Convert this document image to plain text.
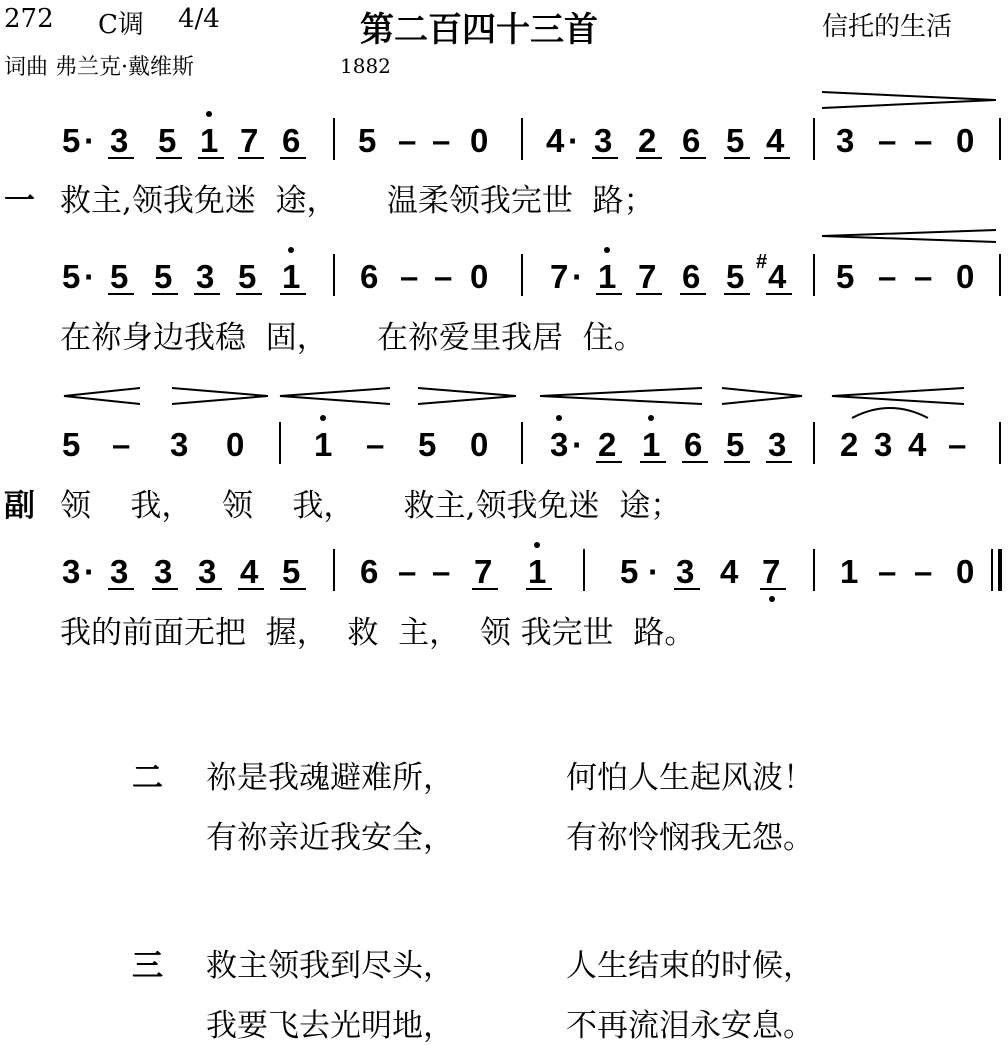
272 C调 4/4	第二百四十三首	信托的生活
词曲 弗兰克·戴维斯	1882
5 · 3 5 1 7 6 5 – – 0 4 · 3 2 6 5 4 3 – – 0
5 · 5 5 3 5 1 6 – – 0 7 · 1 7 6 5 # 4 5 – – 0
5 – 3 0 1 – 5 0 3 · 2 1 6 5 3 2 3 4 –
3 · 3 3 3 4 5 6 – – 7 1 5 · 3 4 7 1 – – 0
一 救主,领我免迷  途，     温柔领我完世  路；
在祢身边我稳  固，     在祢爱里我居  住。
副 领    我，   领    我，     救主,领我免迷  途；
我的前面无把  握，  救  主，  领 我完世  路。
二 祢是我魂避难所，	何怕人生起风波！
有祢亲近我安全，	有祢怜悯我无怨。
三 救主领我到尽头，	人生结束的时候，
我要飞去光明地，	不再流泪永安息。
